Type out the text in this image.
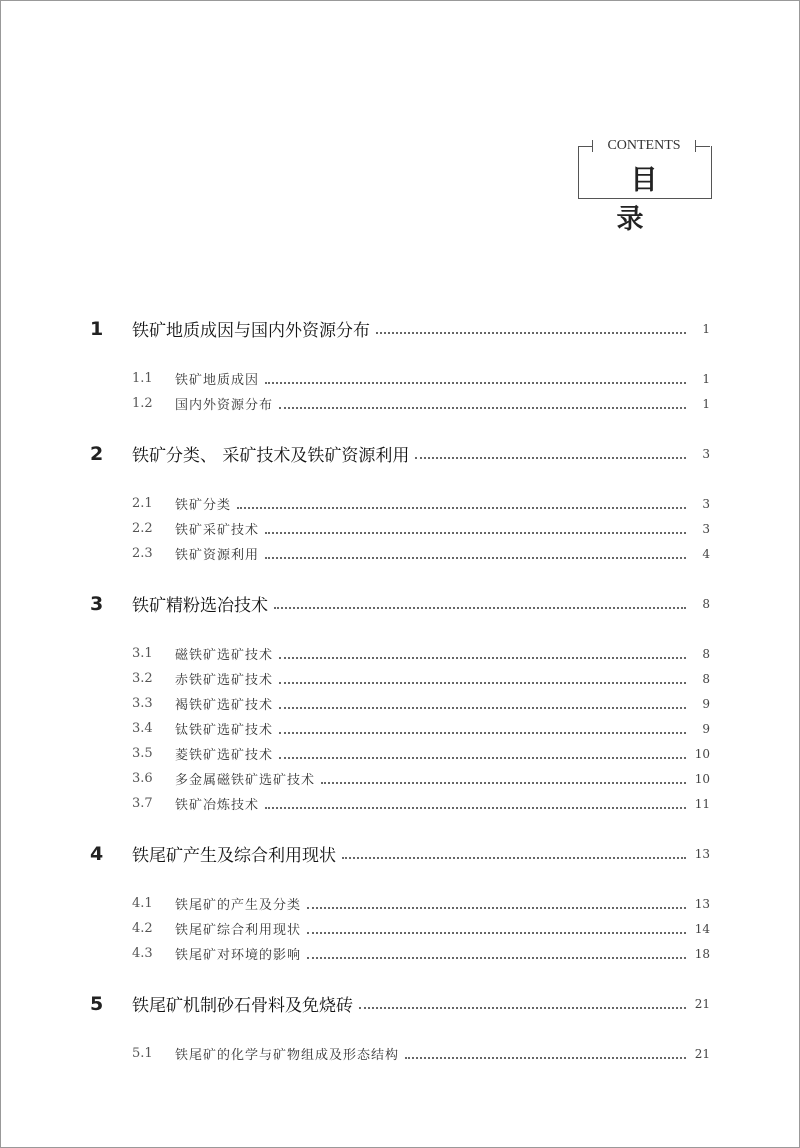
CONTENTS
目录
1	铁矿地质成因与国内外资源分布	1
1.1	铁矿地质成因	1
1.2	国内外资源分布	1
2	铁矿分类、 采矿技术及铁矿资源利用	3
2.1	铁矿分类	3
2.2	铁矿采矿技术	3
2.3	铁矿资源利用	4
3	铁矿精粉选冶技术	8
3.1	磁铁矿选矿技术	8
3.2	赤铁矿选矿技术	8
3.3	褐铁矿选矿技术	9
3.4	钛铁矿选矿技术	9
3.5	菱铁矿选矿技术	10
3.6	多金属磁铁矿选矿技术	10
3.7	铁矿冶炼技术	11
4	铁尾矿产生及综合利用现状	13
4.1	铁尾矿的产生及分类	13
4.2	铁尾矿综合利用现状	14
4.3	铁尾矿对环境的影响	18
5	铁尾矿机制砂石骨料及免烧砖	21
5.1	铁尾矿的化学与矿物组成及形态结构	21
